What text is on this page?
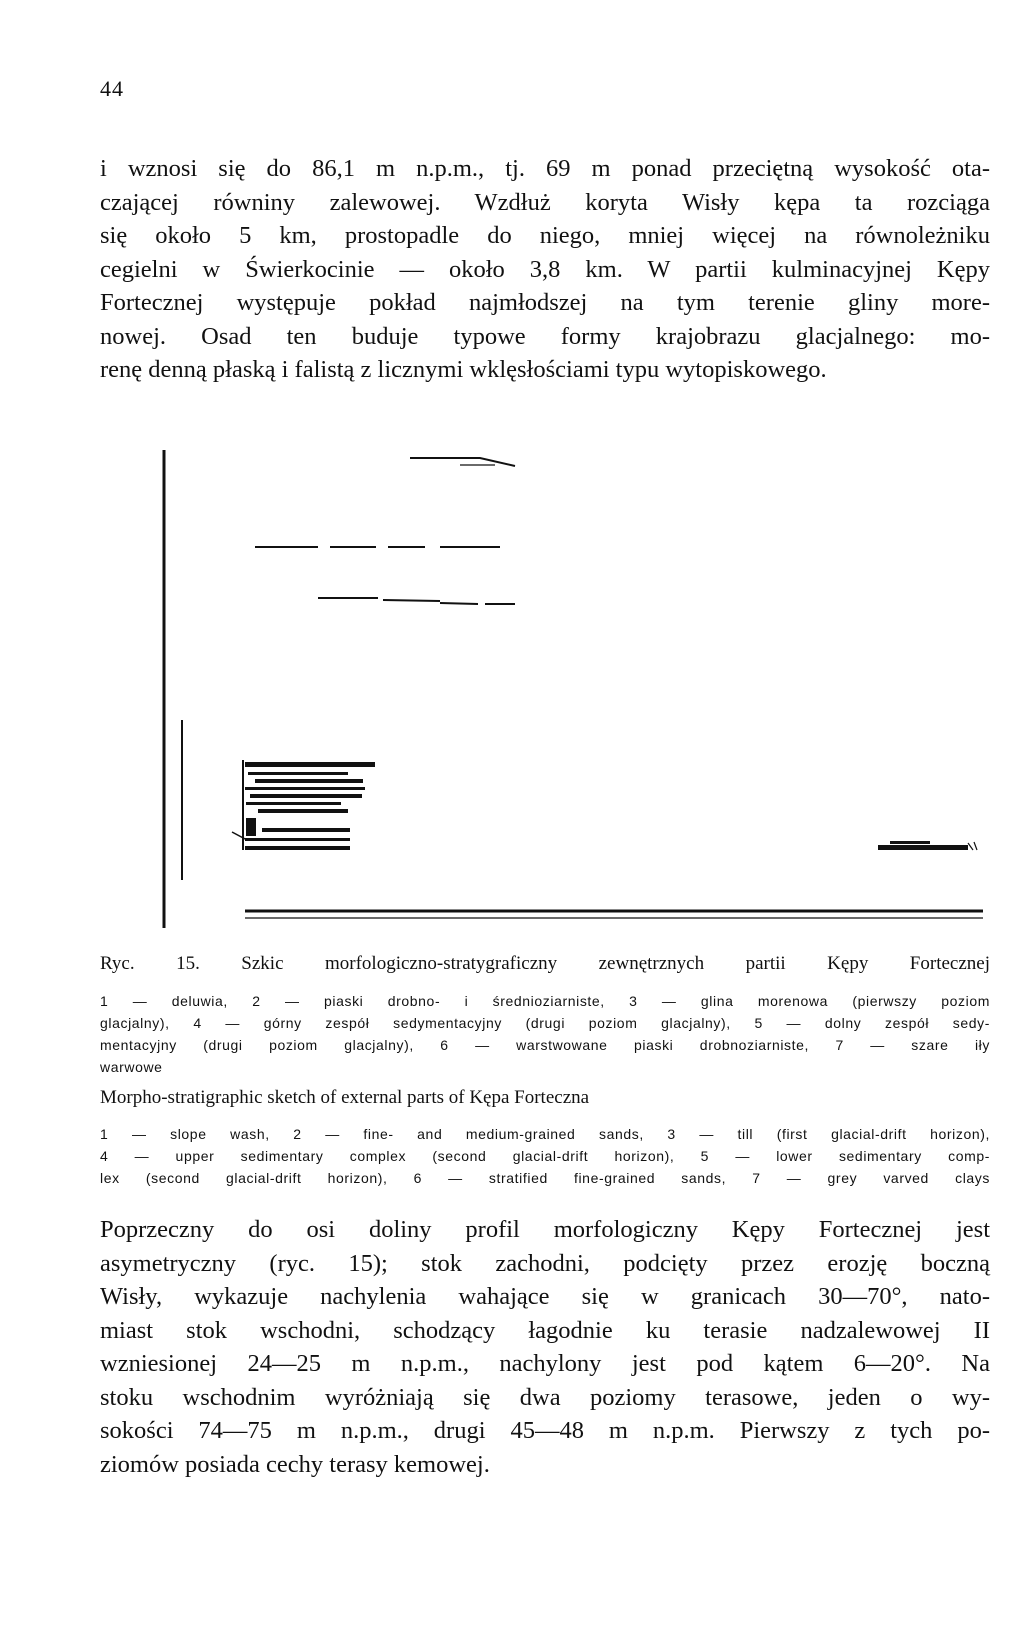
44

i wznosi się do 86,1 m n.p.m., tj. 69 m ponad przeciętną wysokość ota-
czającej równiny zalewowej. Wzdłuż koryta Wisły kępa ta rozciąga
się około 5 km, prostopadle do niego, mniej więcej na równoleżniku
cegielni w Świerkocinie — około 3,8 km. W partii kulminacyjnej Kępy
Fortecznej występuje pokład najmłodszej na tym terenie gliny more-
nowej. Osad ten buduje typowe formy krajobrazu glacjalnego: mo-
renę denną płaską i falistą z licznymi wklęsłościami typu wytopiskowego.

Ryc. 15. Szkic morfologiczno-stratygraficzny zewnętrznych partii Kępy Fortecznej

1 — deluwia, 2 — piaski drobno- i średnioziarniste, 3 — glina morenowa (pierwszy poziom
glacjalny), 4 — górny zespół sedymentacyjny (drugi poziom glacjalny), 5 — dolny zespół sedy-
mentacyjny (drugi poziom glacjalny), 6 — warstwowane piaski drobnoziarniste, 7 — szare iły
warwowe

Morpho-stratigraphic sketch of external parts of Kępa Forteczna

1 — slope wash, 2 — fine- and medium-grained sands, 3 — till (first glacial-drift horizon),
4 — upper sedimentary complex (second glacial-drift horizon), 5 — lower sedimentary comp-
lex (second glacial-drift horizon), 6 — stratified fine-grained sands, 7 — grey varved clays

Poprzeczny do osi doliny profil morfologiczny Kępy Fortecznej jest
asymetryczny (ryc. 15); stok zachodni, podcięty przez erozję boczną
Wisły, wykazuje nachylenia wahające się w granicach 30—70°, nato-
miast stok wschodni, schodzący łagodnie ku terasie nadzalewowej II
wzniesionej 24—25 m n.p.m., nachylony jest pod kątem 6—20°. Na
stoku wschodnim wyróżniają się dwa poziomy terasowe, jeden o wy-
sokości 74—75 m n.p.m., drugi 45—48 m n.p.m. Pierwszy z tych po-
ziomów posiada cechy terasy kemowej.
